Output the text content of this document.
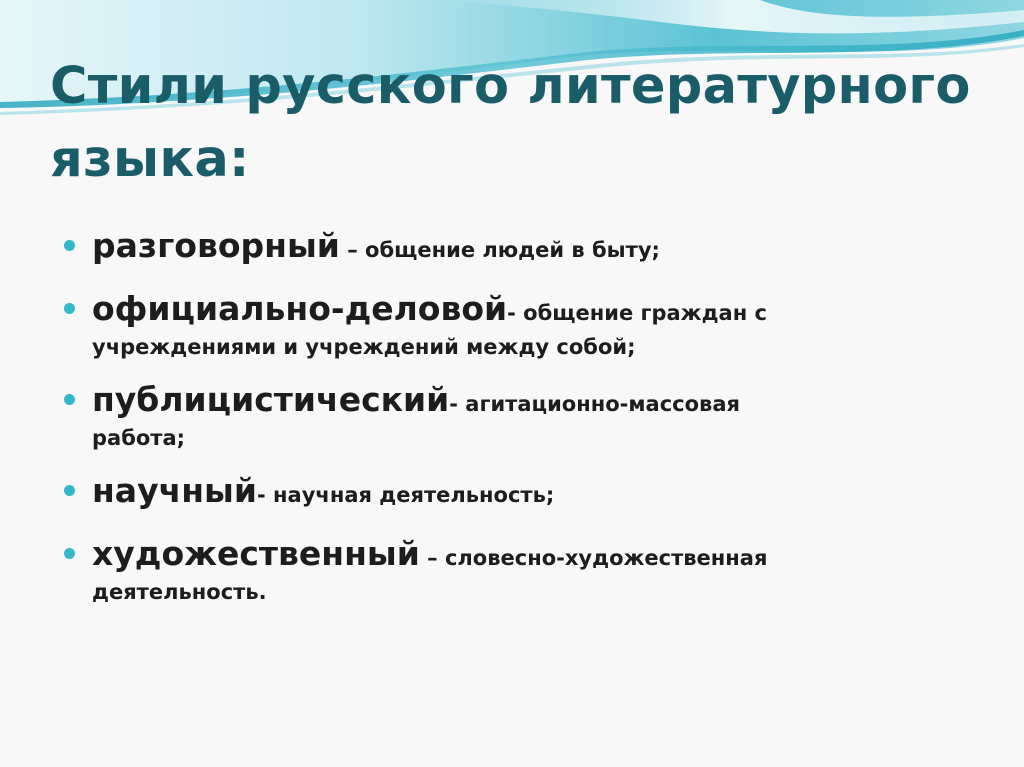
Стили русского литературного
языка:
разговорный – общение людей в быту;
официально-деловой- общение граждан с
учреждениями и учреждений между собой;
публицистический- агитационно-массовая
работа;
научный- научная деятельность;
художественный – словесно-художественная
деятельность.
